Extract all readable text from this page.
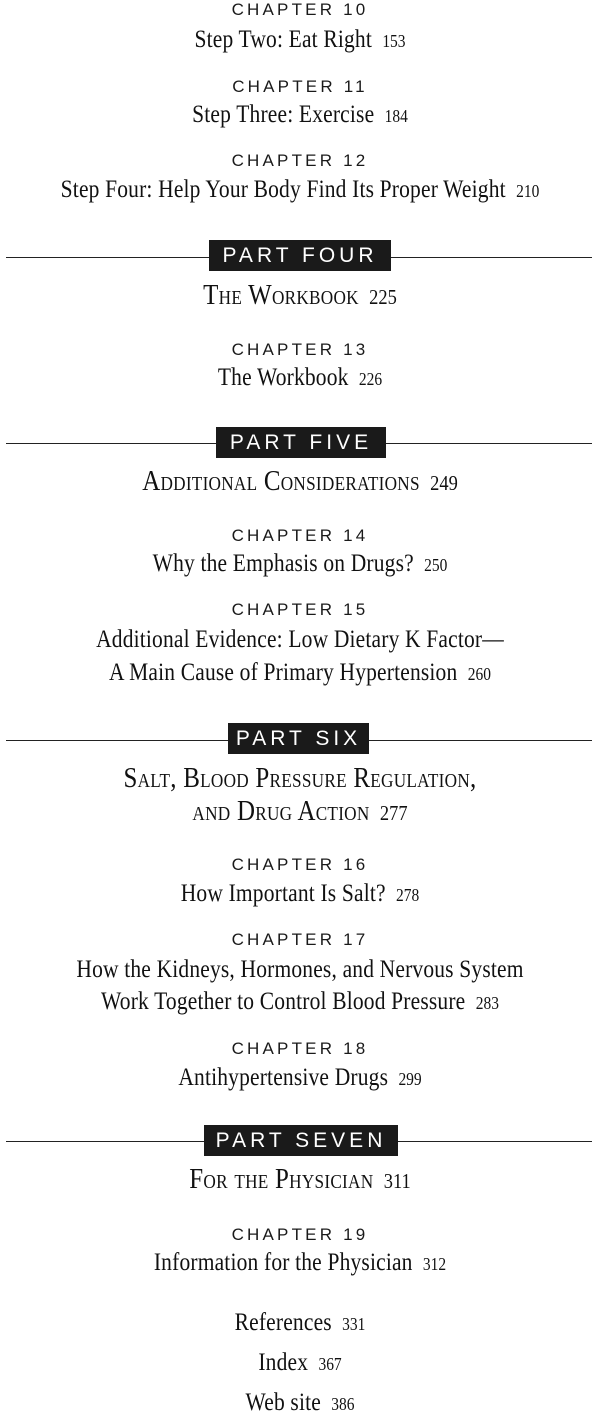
CHAPTER 10
Step Two: Eat Right 153
CHAPTER 11
Step Three: Exercise 184
CHAPTER 12
Step Four: Help Your Body Find Its Proper Weight 210
PART FOUR
The Workbook 225
CHAPTER 13
The Workbook 226
PART FIVE
Additional Considerations 249
CHAPTER 14
Why the Emphasis on Drugs? 250
CHAPTER 15
Additional Evidence: Low Dietary K Factor—
A Main Cause of Primary Hypertension 260
PART SIX
Salt, Blood Pressure Regulation,
and Drug Action 277
CHAPTER 16
How Important Is Salt? 278
CHAPTER 17
How the Kidneys, Hormones, and Nervous System
Work Together to Control Blood Pressure 283
CHAPTER 18
Antihypertensive Drugs 299
PART SEVEN
For the Physician 311
CHAPTER 19
Information for the Physician 312
References 331
Index 367
Web site 386
